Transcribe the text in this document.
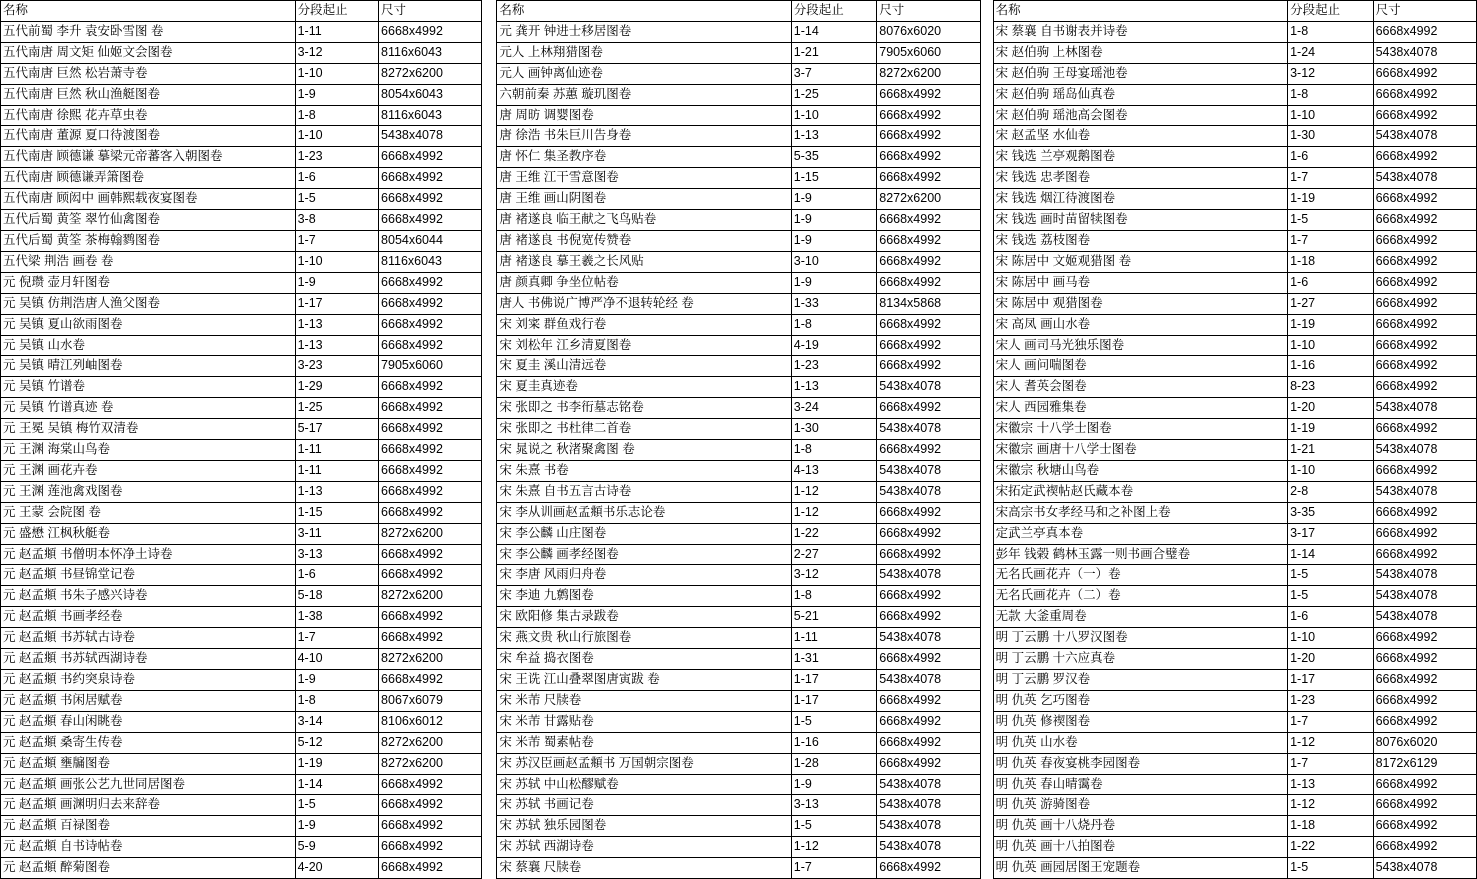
名称	分段起止	尺寸
五代前蜀 李升 袁安卧雪图 卷	1-11	6668x4992
五代南唐 周文矩 仙姬文会图卷	3-12	8116x6043
五代南唐 巨然 松岩萧寺卷	1-10	8272x6200
五代南唐 巨然 秋山渔艇图卷	1-9	8054x6043
五代南唐 徐熙 花卉草虫卷	1-8	8116x6043
五代南唐 董源 夏口待渡图卷	1-10	5438x4078
五代南唐 顾德谦 摹梁元帝蕃客入朝图卷	1-23	6668x4992
五代南唐 顾德谦弄箫图卷	1-6	6668x4992
五代南唐 顾闳中 画韩熙载夜宴图卷	1-5	6668x4992
五代后蜀 黄筌 翠竹仙禽图卷	3-8	6668x4992
五代后蜀 黄筌 茶梅翰鹨图卷	1-7	8054x6044
五代梁 荆浩 画卷 卷	1-10	8116x6043
元 倪瓒 壶月轩图卷	1-9	6668x4992
元 吴镇 仿荆浩唐人渔父图卷	1-17	6668x4992
元 吴镇 夏山欲雨图卷	1-13	6668x4992
元 吴镇 山水卷	1-13	6668x4992
元 吴镇 晴江列岫图卷	3-23	7905x6060
元 吴镇 竹谱卷	1-29	6668x4992
元 吴镇 竹谱真迹 卷	1-25	6668x4992
元 王冕 吴镇 梅竹双清卷	5-17	6668x4992
元 王渊 海棠山鸟卷	1-11	6668x4992
元 王渊 画花卉卷	1-11	6668x4992
元 王渊 莲池禽戏图卷	1-13	6668x4992
元 王蒙 会院图 卷	1-15	6668x4992
元 盛懋 江枫秋艇卷	3-11	8272x6200
元 赵孟頫 书僧明本怀净土诗卷	3-13	6668x4992
元 赵孟頫 书昼锦堂记卷	1-6	6668x4992
元 赵孟頫 书朱子感兴诗卷	5-18	8272x6200
元 赵孟頫 书画孝经卷	1-38	6668x4992
元 赵孟頫 书苏轼古诗卷	1-7	6668x4992
元 赵孟頫 书苏轼西湖诗卷	4-10	8272x6200
元 赵孟頫 书约突泉诗卷	1-9	6668x4992
元 赵孟頫 书闲居赋卷	1-8	8067x6079
元 赵孟頫 春山闲眺卷	3-14	8106x6012
元 赵孟頫 桑寄生传卷	5-12	8272x6200
元 赵孟頫 壅牖图卷	1-19	8272x6200
元 赵孟頫 画张公艺九世同居图卷	1-14	6668x4992
元 赵孟頫 画渊明归去来辞卷	1-5	6668x4992
元 赵孟頫 百禄图卷	1-9	6668x4992
元 赵孟頫 自书诗帖卷	5-9	6668x4992
元 赵孟頫 醉菊图卷	4-20	6668x4992
名称	分段起止	尺寸
元 龚开 钟进士移居图卷	1-14	8076x6020
元人 上林翔猎图卷	1-21	7905x6060
元人 画钟离仙迹卷	3-7	8272x6200
六朝前秦 苏蕙 璇玑图卷	1-25	6668x4992
唐 周昉 调婴图卷	1-10	6668x4992
唐 徐浩 书朱巨川告身卷	1-13	6668x4992
唐 怀仁 集圣教序卷	5-35	6668x4992
唐 王维 江干雪意图卷	1-15	6668x4992
唐 王维 画山阴图卷	1-9	8272x6200
唐 褚遂良 临王献之飞鸟贴卷	1-9	6668x4992
唐 褚遂良 书倪宽传赞卷	1-9	6668x4992
唐 褚遂良 摹王羲之长风贴	3-10	6668x4992
唐 颜真卿 争坐位帖卷	1-9	6668x4992
唐人 书佛说广博严净不退转轮经 卷	1-33	8134x5868
宋 刘寀 群鱼戏行卷	1-8	6668x4992
宋 刘松年 江乡清夏图卷	4-19	6668x4992
宋 夏圭 溪山清远卷	1-23	6668x4992
宋 夏圭真迹卷	1-13	5438x4078
宋 张即之 书李衎墓志铭卷	3-24	6668x4992
宋 张即之 书杜律二首卷	1-30	5438x4078
宋 晁说之 秋渚聚禽图 卷	1-8	6668x4992
宋 朱熹 书卷	4-13	5438x4078
宋 朱熹 自书五言古诗卷	1-12	5438x4078
宋 李从训画赵孟頫书乐志论卷	1-12	6668x4992
宋 李公麟 山庄图卷	1-22	6668x4992
宋 李公麟 画孝经图卷	2-27	6668x4992
宋 李唐 风雨归舟卷	3-12	5438x4078
宋 李迪 九鹩图卷	1-8	6668x4992
宋 欧阳修 集古录跋卷	5-21	6668x4992
宋 燕文贵 秋山行旅图卷	1-11	5438x4078
宋 牟益 捣衣图卷	1-31	6668x4992
宋 王诜 江山叠翠图唐寅跋 卷	1-17	5438x4078
宋 米芾 尺牍卷	1-17	6668x4992
宋 米芾 甘露贴卷	1-5	6668x4992
宋 米芾 蜀素帖卷	1-16	6668x4992
宋 苏汉臣画赵孟頫书 万国朝宗图卷	1-28	6668x4992
宋 苏轼 中山松醪赋卷	1-9	5438x4078
宋 苏轼 书画记卷	3-13	5438x4078
宋 苏轼 独乐园图卷	1-5	5438x4078
宋 苏轼 西湖诗卷	1-12	5438x4078
宋 蔡襄 尺牍卷	1-7	6668x4992
名称	分段起止	尺寸
宋 蔡襄 自书谢表并诗卷	1-8	6668x4992
宋 赵伯驹 上林图卷	1-24	5438x4078
宋 赵伯驹 王母宴瑶池卷	3-12	6668x4992
宋 赵伯驹 瑶岛仙真卷	1-8	6668x4992
宋 赵伯驹 瑶池高会图卷	1-10	6668x4992
宋 赵孟坚 水仙卷	1-30	5438x4078
宋 钱选 兰亭观鹅图卷	1-6	6668x4992
宋 钱选 忠孝图卷	1-7	5438x4078
宋 钱选 烟江待渡图卷	1-19	6668x4992
宋 钱选 画时苗留犊图卷	1-5	6668x4992
宋 钱选 荔枝图卷	1-7	6668x4992
宋 陈居中 文姬观猎图 卷	1-18	6668x4992
宋 陈居中 画马卷	1-6	6668x4992
宋 陈居中 观猎图卷	1-27	6668x4992
宋 高凤 画山水卷	1-19	6668x4992
宋人 画司马光独乐图卷	1-10	6668x4992
宋人 画问喘图卷	1-16	6668x4992
宋人 耆英会图卷	8-23	6668x4992
宋人 西园雅集卷	1-20	5438x4078
宋徽宗 十八学士图卷	1-19	6668x4992
宋徽宗 画唐十八学士图卷	1-21	5438x4078
宋徽宗 秋塘山鸟卷	1-10	6668x4992
宋拓定武禊帖赵氏藏本卷	2-8	5438x4078
宋高宗书女孝经马和之补图上卷	3-35	6668x4992
定武兰亭真本卷	3-17	6668x4992
彭年 钱榖 鹤林玉露一则书画合璧卷	1-14	6668x4992
无名氏画花卉（一）卷	1-5	5438x4078
无名氏画花卉（二）卷	1-5	5438x4078
无款 大釜重周卷	1-6	5438x4078
明 丁云鹏 十八罗汉图卷	1-10	6668x4992
明 丁云鹏 十六应真卷	1-20	6668x4992
明 丁云鹏 罗汉卷	1-17	6668x4992
明 仇英 乞巧图卷	1-23	6668x4992
明 仇英 修禊图卷	1-7	6668x4992
明 仇英 山水卷	1-12	8076x6020
明 仇英 春夜宴桃李园图卷	1-7	8172x6129
明 仇英 春山晴霭卷	1-13	6668x4992
明 仇英 游骑图卷	1-12	6668x4992
明 仇英 画十八烧丹卷	1-18	6668x4992
明 仇英 画十八拍图卷	1-22	6668x4992
明 仇英 画园居图王宠题卷	1-5	5438x4078
